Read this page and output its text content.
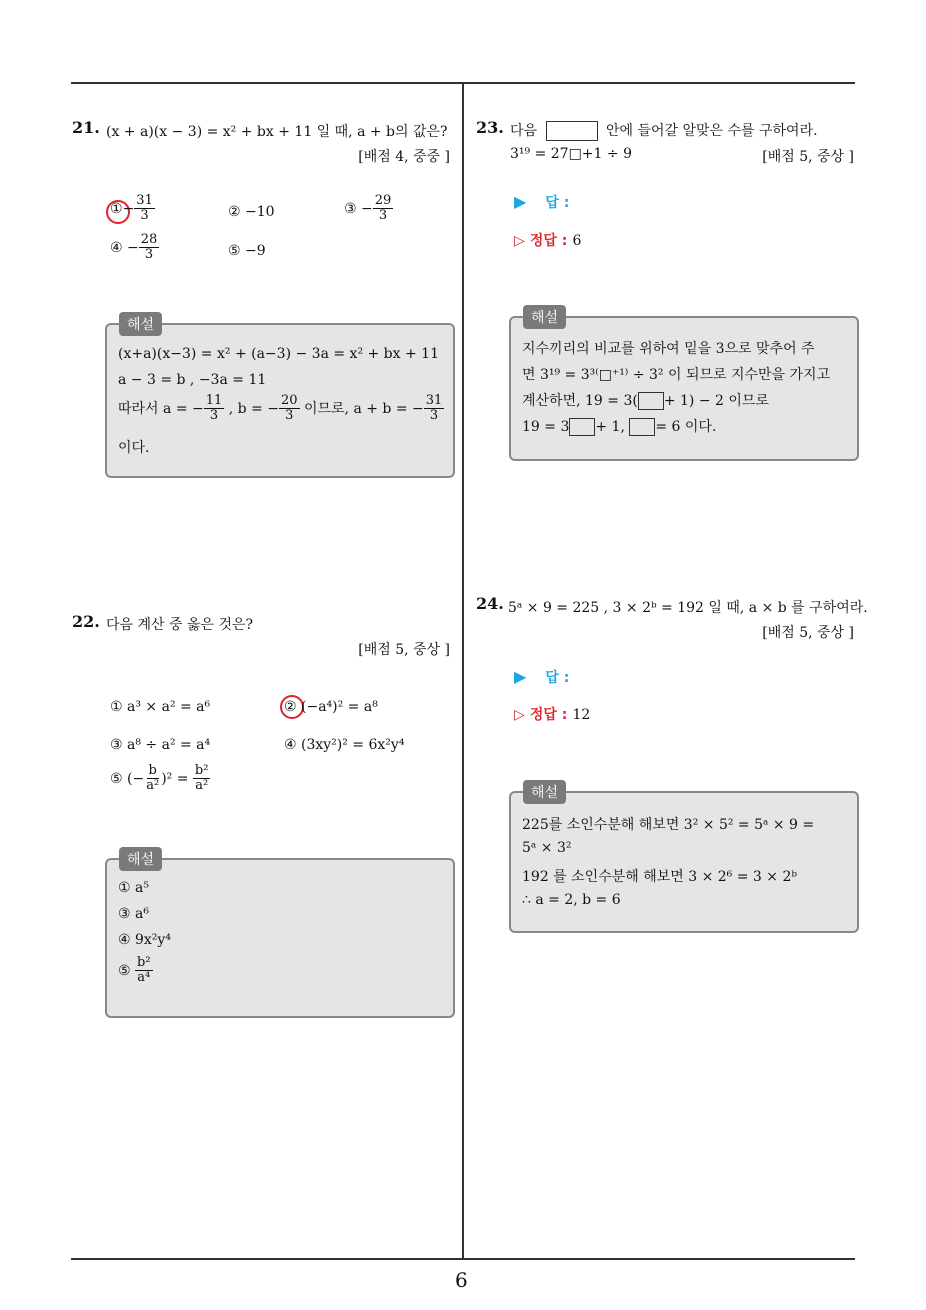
6
21. (x + a)(x − 3) = x² + bx + 11 일 때, a + b의 값은?
[배점 4, 중중 ]
①− $\frac{31}{3}$	② −10	③ − $\frac{29}{3}$
④ − $\frac{28}{3}$	⑤ −9
해설
(x+a)(x−3) = x² + (a−3) − 3a = x² + bx + 11
a − 3 = b , −3a = 11
따라서 a = − $\frac{11}{3}$ , b = − $\frac{20}{3}$ 이므로, a + b = − $\frac{31}{3}$
이다.
22. 다음 계산 중 옳은 것은?
[배점 5, 중상 ]
① a³ × a² = a⁶	② (−a⁴)² = a⁸
③ a⁸ ÷ a² = a⁴	④ (3xy²)² = 6x²y⁴
⑤ (− $\frac{b}{\text{a²}} )^2 = \frac{\text{b²}}{\text{a²}}$
해설
① a⁵
③ a⁶
④ 9x²y⁴
⑤ $\frac{\text{b²}}{\text{a⁴}}$
23. 다음	안에 들어갈 알맞은 수를 구하여라.
3¹⁹ = 27□+1 ÷ 9	[배점 5, 중상 ]
▶ 답 :
▷ 정답 : 6
해설
지수끼리의 비교를 위하여 밑을 3으로 맞추어 주
면 3¹⁹ = 3³⁽□⁺¹⁾ ÷ 3² 이 되므로 지수만을 가지고
계산하면, 19 = 3( + 1) − 2 이므로
19 = 3 + 1, = 6 이다.
24. 5ᵃ × 9 = 225 , 3 × 2ᵇ = 192 일 때, a × b 를 구하여라.
[배점 5, 중상 ]
▶ 답 :
▷ 정답 : 12
해설
225를 소인수분해 해보면 3² × 5² = 5ᵃ × 9 =
5ᵃ × 3²
192 를 소인수분해 해보면 3 × 2⁶ = 3 × 2ᵇ
∴ a = 2, b = 6
